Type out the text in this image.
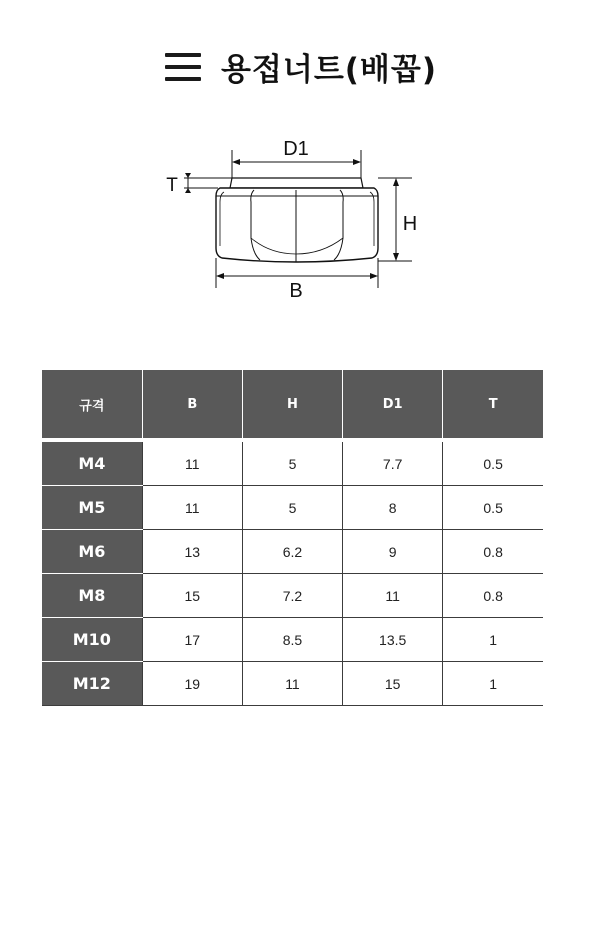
용접너트(배꼽)
D1
T
H
B
규격	B	H	D1	T
M4	11	5	7.7	0.5
M5	11	5	8	0.5
M6	13	6.2	9	0.8
M8	15	7.2	11	0.8
M10	17	8.5	13.5	1
M12	19	11	15	1
